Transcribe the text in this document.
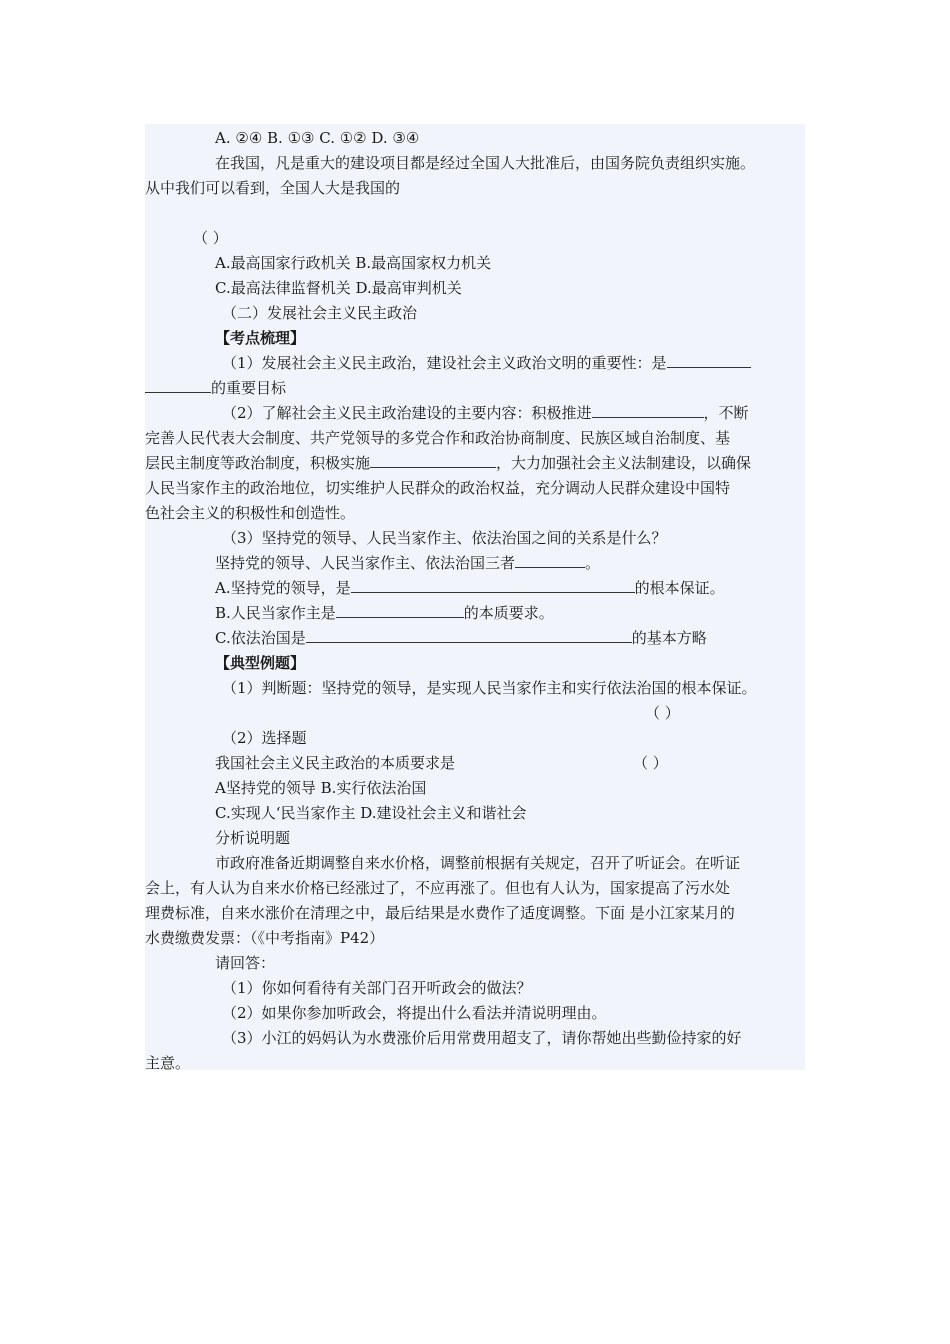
A. ②④ B. ①③ C. ①② D. ③④
在我国，凡是重大的建设项目都是经过全国人大批准后，由国务院负责组织实施。
从中我们可以看到，全国人大是我国的
（ ）
A.最高国家行政机关 B.最高国家权力机关
C.最高法律监督机关 D.最高审判机关
（二）发展社会主义民主政治
【考点梳理】
（1）发展社会主义民主政治，建设社会主义政治文明的重要性：是
的重要目标
（2）了解社会主义民主政治建设的主要内容：积极推进	，不断
完善人民代表大会制度、共产党领导的多党合作和政治协商制度、民族区域自治制度、基
层民主制度等政治制度，积极实施	，大力加强社会主义法制建设，以确保
人民当家作主的政治地位，切实维护人民群众的政治权益，充分调动人民群众建设中国特
色社会主义的积极性和创造性。
（3）坚持党的领导、人民当家作主、依法治国之间的关系是什么？
坚持党的领导、人民当家作主、依法治国三者	。
A.坚持党的领导，是	的根本保证。
B.人民当家作主是	的本质要求。
C.依法治国是	的基本方略
【典型例题】
（1）判断题：坚持党的领导，是实现人民当家作主和实行依法治国的根本保证。
（ ）
（2）选择题
我国社会主义民主政治的本质要求是	（ ）
A坚持党的领导 B.实行依法治国
C.实现人‘民当家作主 D.建设社会主义和谐社会
分析说明题
市政府准备近期调整自来水价格，调整前根据有关规定，召开了听证会。在听证
会上，有人认为自来水价格已经涨过了，不应再涨了。但也有人认为，国家提高了污水处
理费标准，自来水涨价在清理之中，最后结果是水费作了适度调整。下面 是小江家某月的
水费缴费发票：（《中考指南》P42）
请回答：
（1）你如何看待有关部门召开听政会的做法？
（2）如果你参加听政会，将提出什么看法并清说明理由。
（3）小江的妈妈认为水费涨价后用常费用超支了，请你帮她出些勤俭持家的好
主意。
